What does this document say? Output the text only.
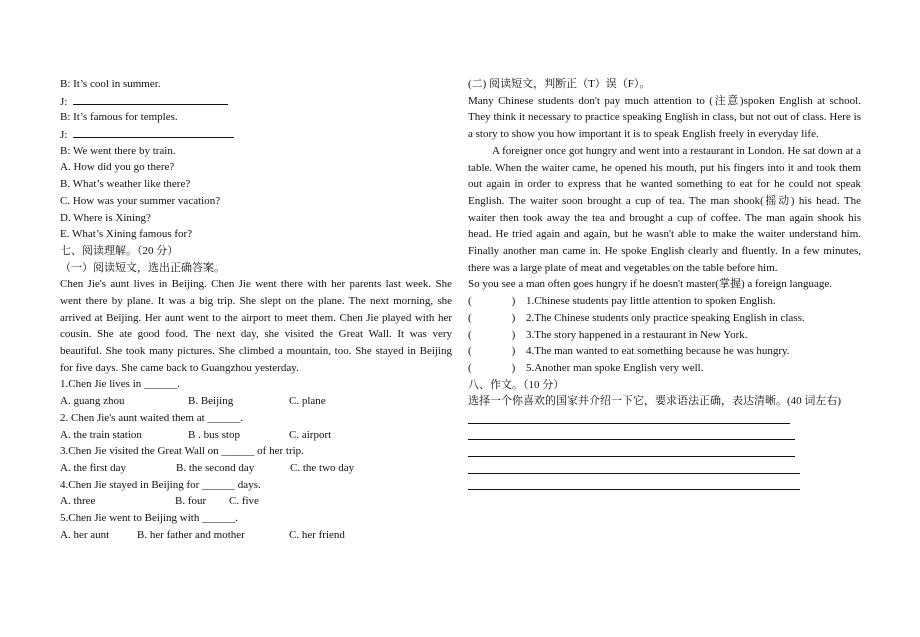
B: It’s cool in summer.
J:
B: It’s famous for temples.
J:
B: We went there by train.
A. How did you go there?
B. What’s weather like there?
C. How was your summer vacation?
D. Where is Xining?
E. What’s Xining famous for?
七、阅读理解。（20 分）
（一）阅读短文，选出正确答案。

Chen Jie's aunt lives in Beijing. Chen Jie went there with her parents last week. She went there by plane. It was a big trip. She slept on the plane. The next morning, she arrived at Beijing. Her aunt went to the airport to meet them. Chen Jie played with her cousin. She ate good food. The next day, she visited the Great Wall. It was very beautiful. She took many pictures. She climbed a mountain, too. She stayed in Beijing for five days. She came back to Guangzhou yesterday.

1.Chen Jie lives in ______.
A. guang zhou	B. Beijing	C. plane
2. Chen Jie's aunt waited them at ______.
A. the train station	B . bus stop	C. airport
3.Chen Jie visited the Great Wall on ______ of her trip.
A. the first day	B. the second day	C. the two day
4.Chen Jie stayed in Beijing for ______ days.
A. three	B. four C. five
5.Chen Jie went to Beijing with ______.
A. her aunt	B. her father and mother	C. her friend
(二) 阅读短文，判断正（T）误（F）。

Many Chinese students don't pay much attention to (注意)spoken English at school. They think it necessary to practice speaking English in class, but not out of class. Here is a story to show you how important it is to speak English freely in everyday life.

A foreigner once got hungry and went into a restaurant in London. He sat down at a table. When the waiter came, he opened his mouth, put his fingers into it and took them out again in order to express that he wanted something to eat for he could not speak English. The waiter soon brought a cup of tea. The man shook(摇动) his head. The waiter then took away the tea and brought a cup of coffee. The man again shook his head. He tried again and again, but he wasn't able to make the waiter understand him. Finally another man came in. He spoke English clearly and fluently. In a few minutes, there was a large plate of meat and vegetables on the table before him.

So you see a man often goes hungry if he doesn't master(掌握) a foreign language.

(	) 1.Chinese students pay little attention to spoken English.
(	) 2.The Chinese students only practice speaking English in class.
(	) 3.The story happened in a restaurant in New York.
(	) 4.The man wanted to eat something because he was hungry.
(	) 5.Another man spoke English very well.
八、作文。（10 分）
选择一个你喜欢的国家并介绍一下它，要求语法正确，表达清晰。(40 词左右)
